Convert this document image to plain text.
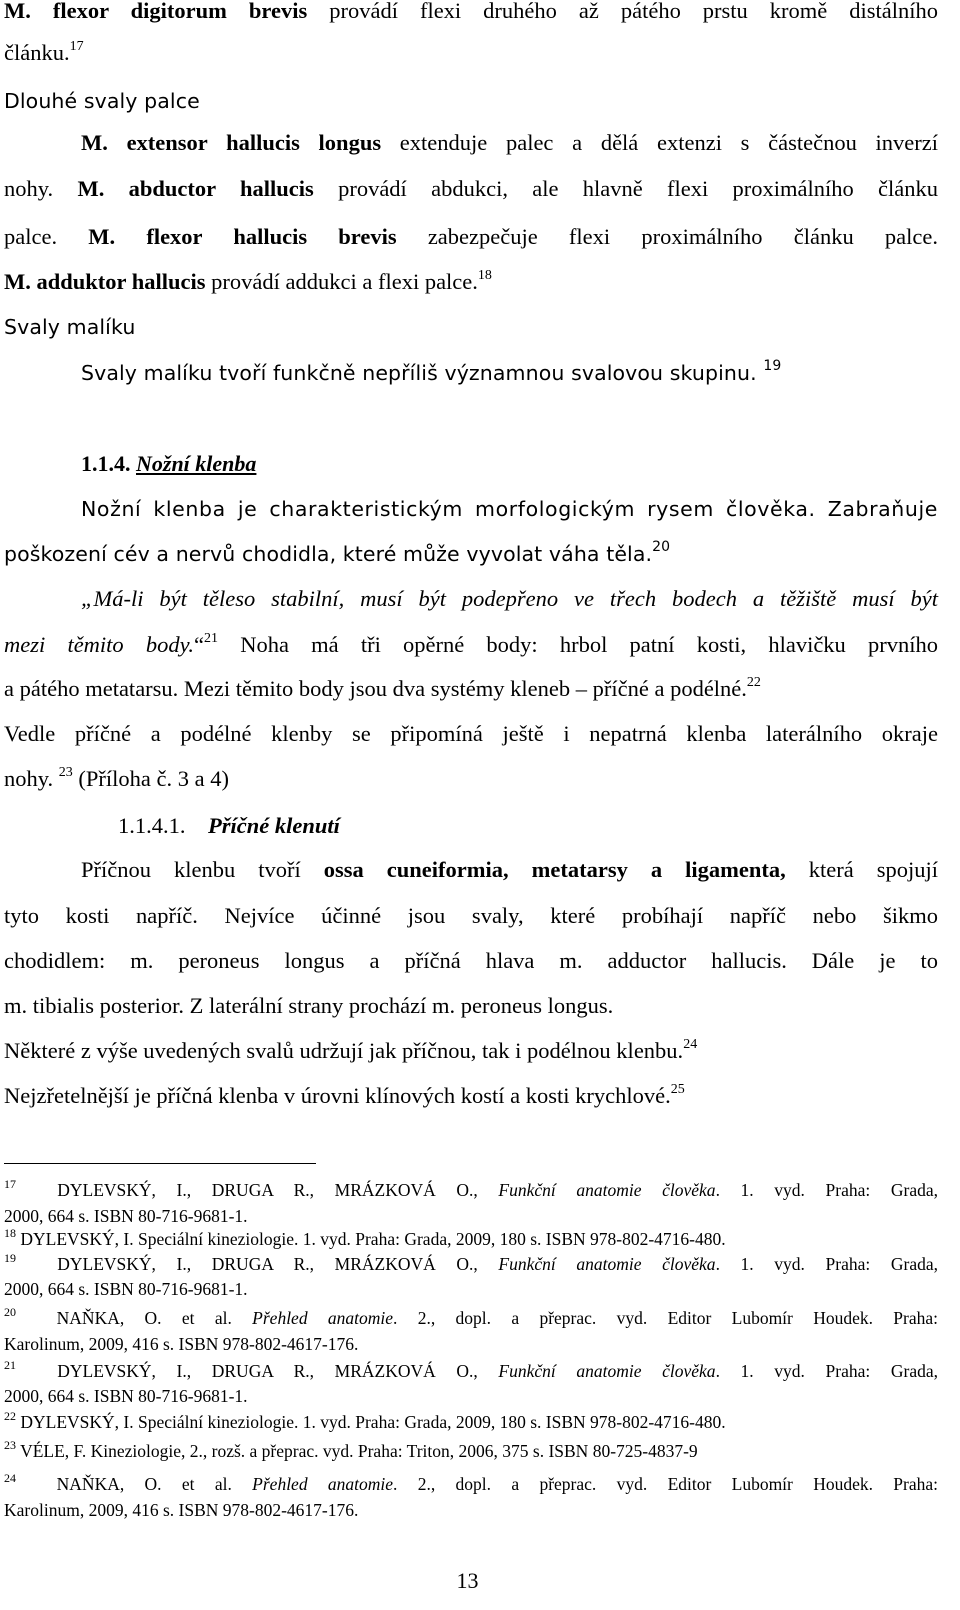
M. flexor digitorum brevis provádí flexi druhého až pátého prstu kromě distálního
článku.$^{17}$
Dlouhé svaly palce
M. extensor hallucis longus extenduje palec a dělá extenzi s částečnou inverzí
nohy. M. abductor hallucis provádí abdukci, ale hlavně flexi proximálního článku
palce. M. flexor hallucis brevis zabezpečuje flexi proximálního článku palce.
M. adduktor hallucis provádí addukci a flexi palce.$^{18}$
Svaly malíku
Svaly malíku tvoří funkčně nepříliš významnou svalovou skupinu. $^{19}$
1.1.4. Nožní klenba
Nožní klenba je charakteristickým morfologickým rysem člověka. Zabraňuje
poškození cév a nervů chodidla, které může vyvolat váha těla.$^{20}$
„Má-li být těleso stabilní, musí být podepřeno ve třech bodech a těžiště musí být
mezi těmito body.“$^{21}$ Noha má tři opěrné body: hrbol patní kosti, hlavičku prvního
a pátého metatarsu. Mezi těmito body jsou dva systémy kleneb – příčné a podélné.$^{22}$
Vedle příčné a podélné klenby se připomíná ještě i nepatrná klenba laterálního okraje
nohy. $^{23}$ (Příloha č. 3 a 4)
1.1.4.1. Příčné klenutí
Příčnou klenbu tvoří ossa cuneiformia, metatarsy a ligamenta, která spojují
tyto kosti napříč. Nejvíce účinné jsou svaly, které probíhají napříč nebo šikmo
chodidlem: m. peroneus longus a příčná hlava m. adductor hallucis. Dále je to
m. tibialis posterior. Z laterální strany prochází m. peroneus longus.
Některé z výše uvedených svalů udržují jak příčnou, tak i podélnou klenbu.$^{24}$
Nejzřetelnější je příčná klenba v úrovni klínových kostí a kosti krychlové.$^{25}$
$^{17}$ DYLEVSKÝ, I., DRUGA R., MRÁZKOVÁ O., Funkční anatomie člověka. 1. vyd. Praha: Grada,
2000, 664 s. ISBN 80-716-9681-1.
$^{18}$ DYLEVSKÝ, I. Speciální kineziologie. 1. vyd. Praha: Grada, 2009, 180 s. ISBN 978-802-4716-480.
$^{19}$ DYLEVSKÝ, I., DRUGA R., MRÁZKOVÁ O., Funkční anatomie člověka. 1. vyd. Praha: Grada,
2000, 664 s. ISBN 80-716-9681-1.
$^{20}$ NAŇKA, O. et al. Přehled anatomie. 2., dopl. a přeprac. vyd. Editor Lubomír Houdek. Praha:
Karolinum, 2009, 416 s. ISBN 978-802-4617-176.
$^{21}$ DYLEVSKÝ, I., DRUGA R., MRÁZKOVÁ O., Funkční anatomie člověka. 1. vyd. Praha: Grada,
2000, 664 s. ISBN 80-716-9681-1.
$^{22}$ DYLEVSKÝ, I. Speciální kineziologie. 1. vyd. Praha: Grada, 2009, 180 s. ISBN 978-802-4716-480.
$^{23}$ VÉLE, F. Kineziologie, 2., rozš. a přeprac. vyd. Praha: Triton, 2006, 375 s. ISBN 80-725-4837-9
$^{24}$ NAŇKA, O. et al. Přehled anatomie. 2., dopl. a přeprac. vyd. Editor Lubomír Houdek. Praha:
Karolinum, 2009, 416 s. ISBN 978-802-4617-176.
13
